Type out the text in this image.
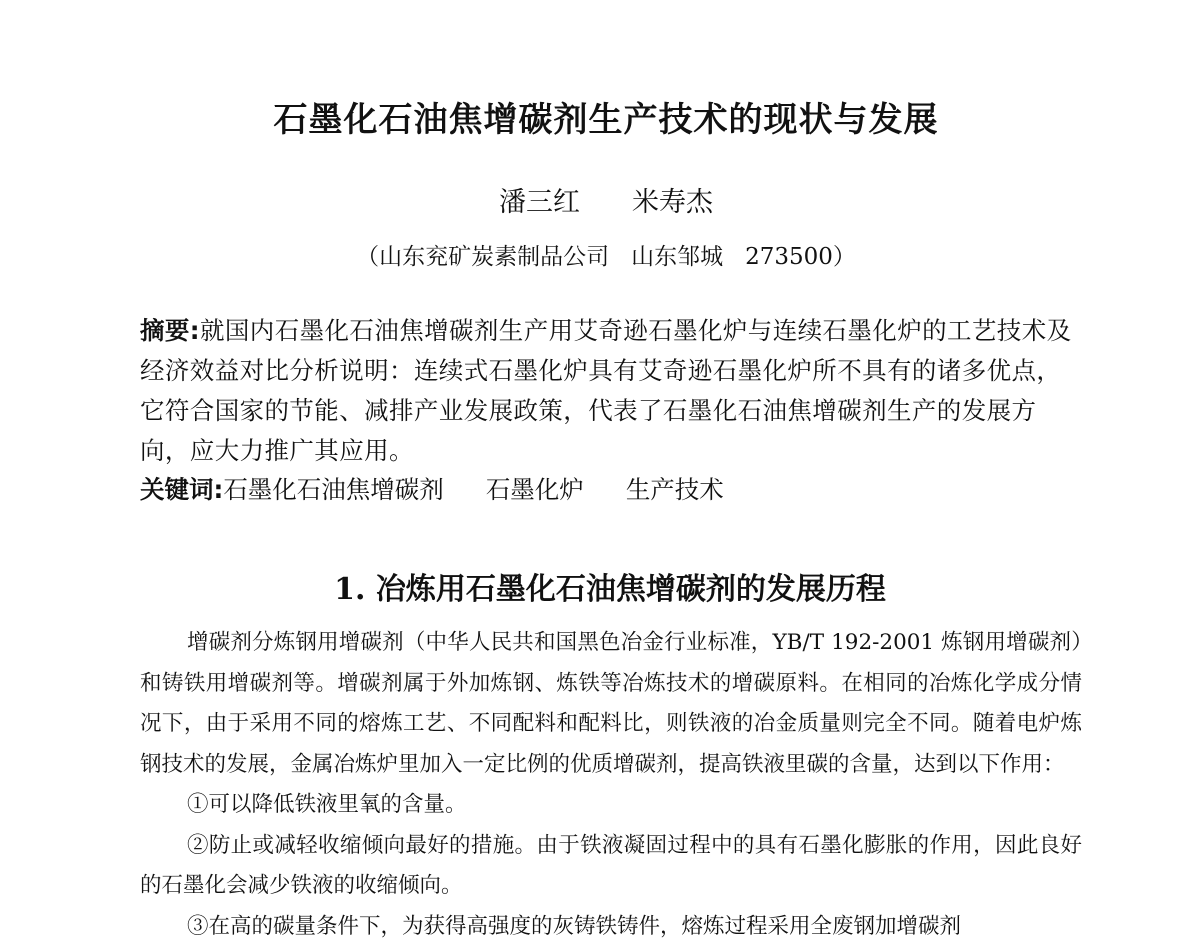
石墨化石油焦增碳剂生产技术的现状与发展
潘三红 米寿杰
（山东兖矿炭素制品公司 山东邹城 273500）
摘要:就国内石墨化石油焦增碳剂生产用艾奇逊石墨化炉与连续石墨化炉的工艺技术及经济效益对比分析说明：连续式石墨化炉具有艾奇逊石墨化炉所不具有的诸多优点，它符合国家的节能、减排产业发展政策，代表了石墨化石油焦增碳剂生产的发展方向，应大力推广其应用。
关键词:石墨化石油焦增碳剂 石墨化炉 生产技术
1. 冶炼用石墨化石油焦增碳剂的发展历程

增碳剂分炼钢用增碳剂（中华人民共和国黑色冶金行业标准，YB/T 192-2001 炼钢用增碳剂）和铸铁用增碳剂等。增碳剂属于外加炼钢、炼铁等冶炼技术的增碳原料。在相同的冶炼化学成分情况下，由于采用不同的熔炼工艺、不同配料和配料比，则铁液的冶金质量则完全不同。随着电炉炼钢技术的发展，金属冶炼炉里加入一定比例的优质增碳剂，提高铁液里碳的含量，达到以下作用：

①可以降低铁液里氧的含量。

②防止或减轻收缩倾向最好的措施。由于铁液凝固过程中的具有石墨化膨胀的作用，因此良好的石墨化会减少铁液的收缩倾向。

③在高的碳量条件下，为获得高强度的灰铸铁铸件，熔炼过程采用全废钢加增碳剂
